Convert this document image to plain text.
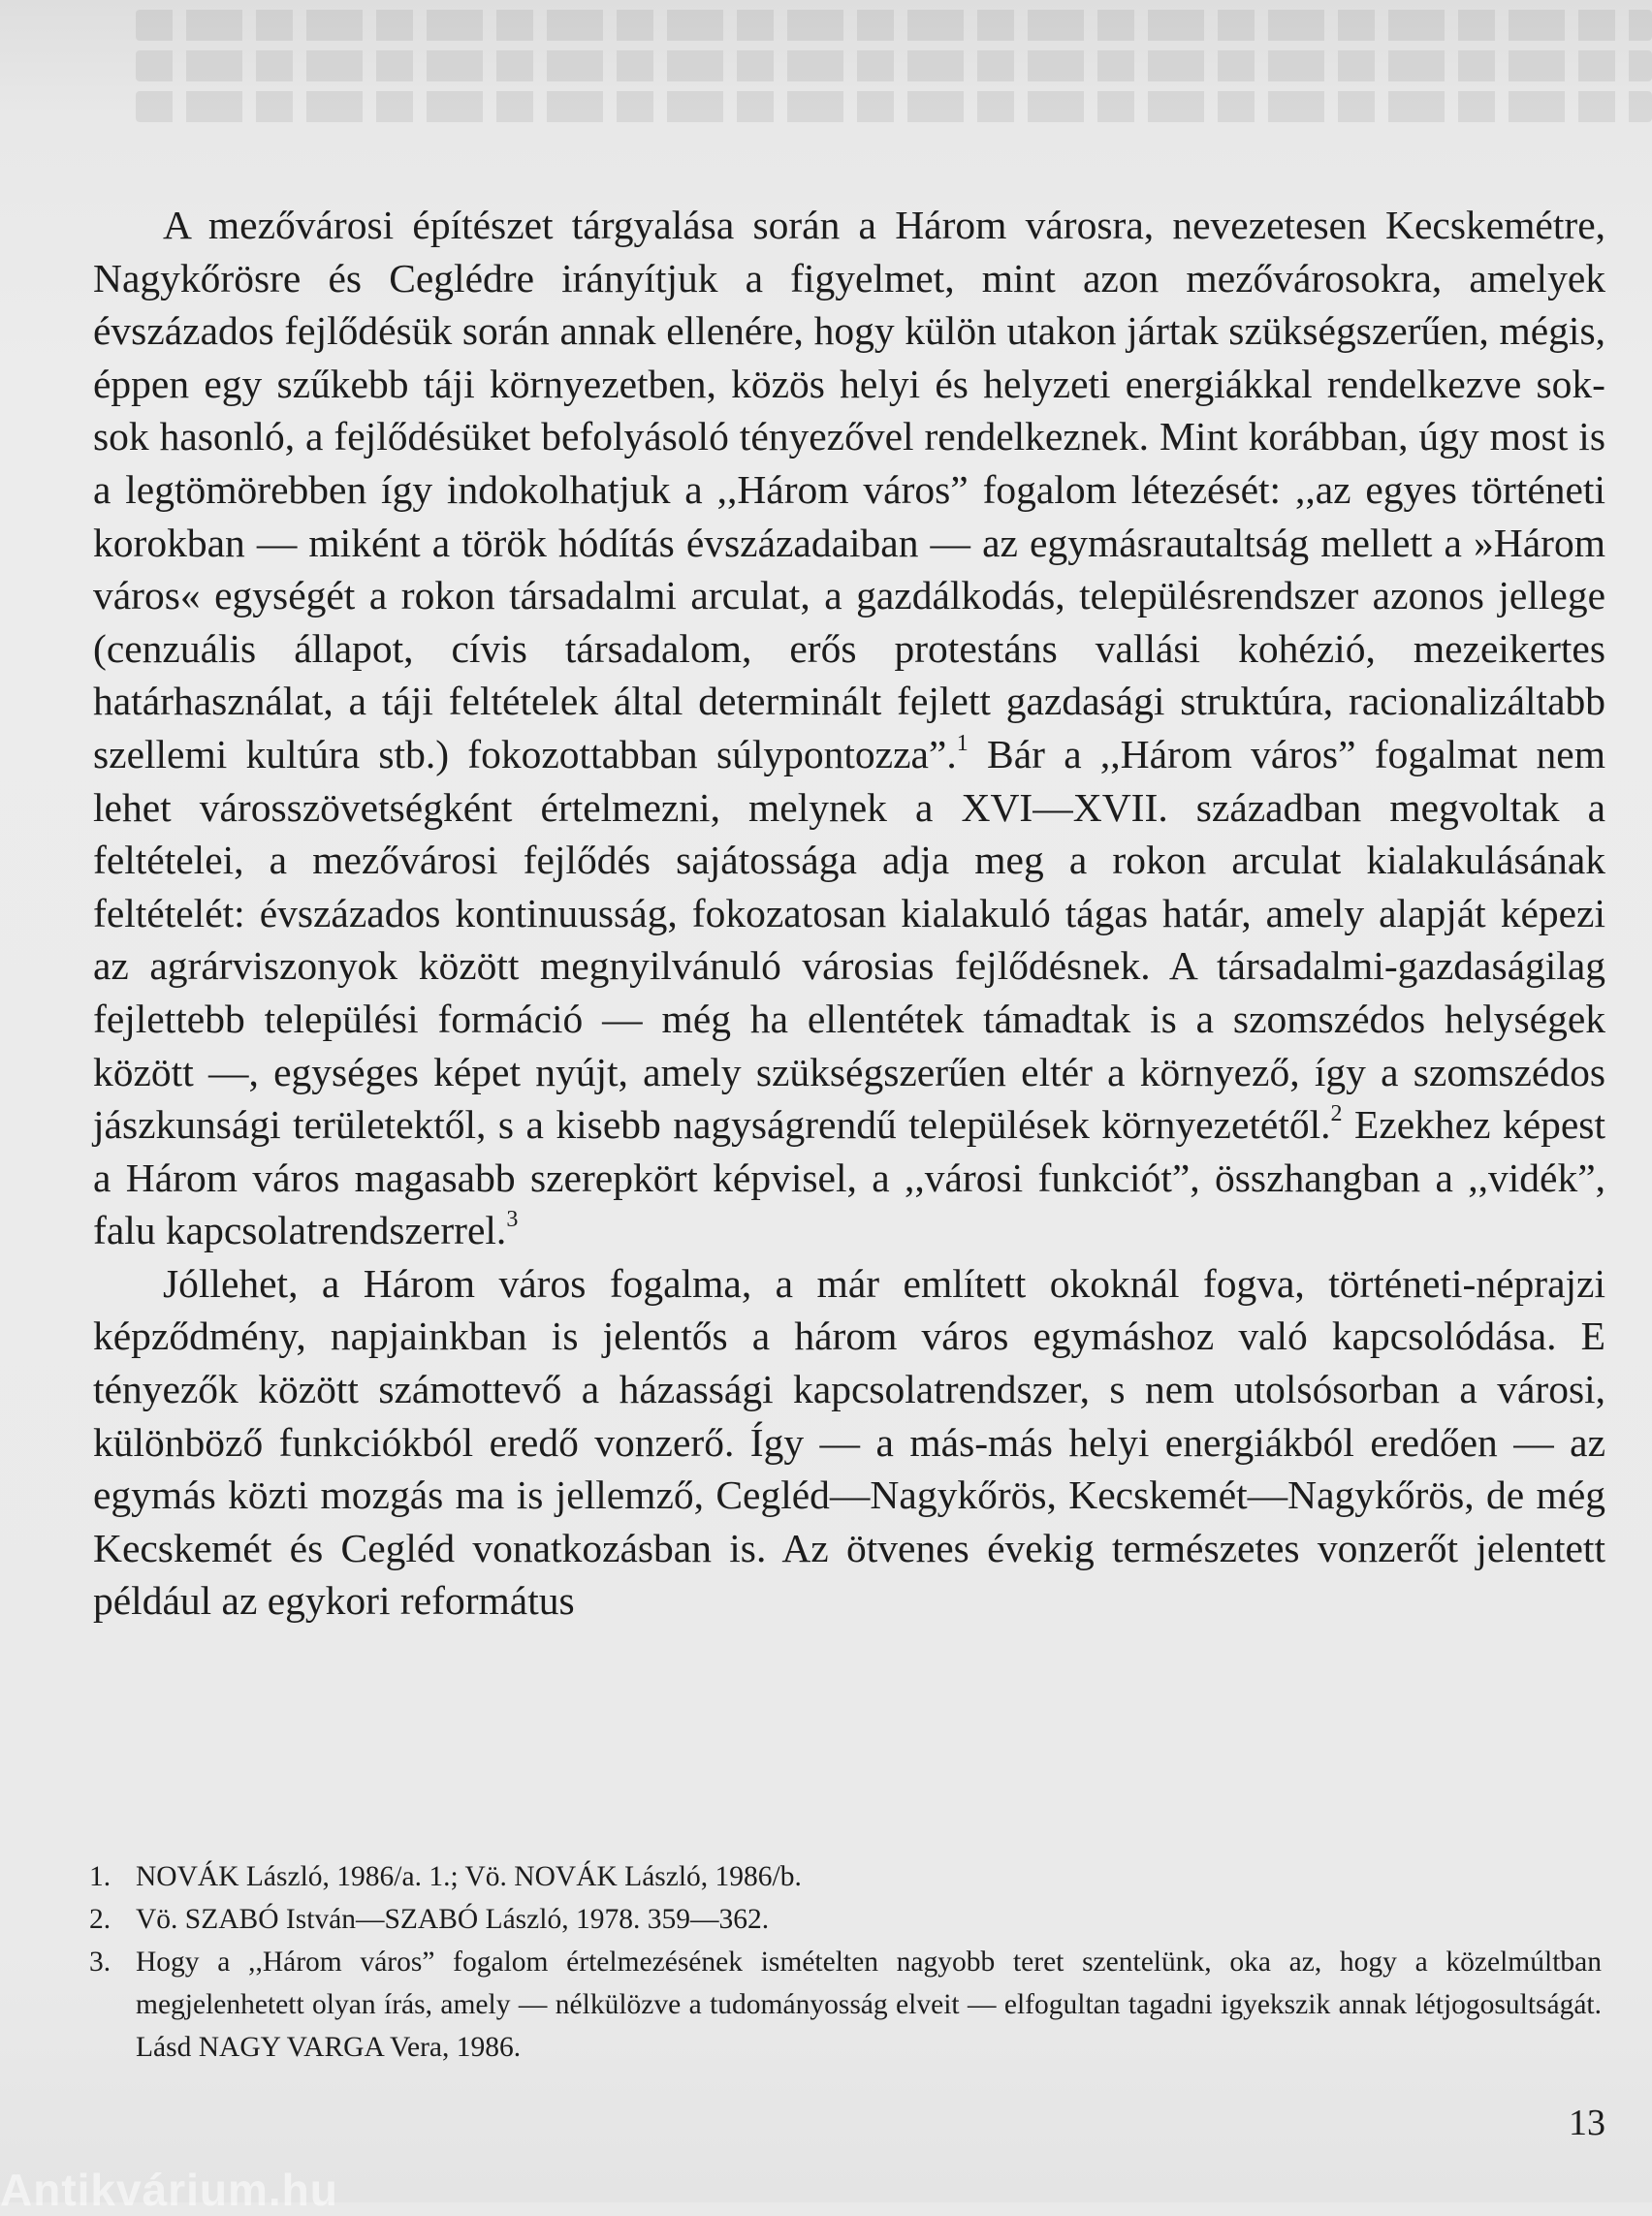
A mezővárosi építészet tárgyalása során a Három városra, nevezetesen Kecskemétre, Nagykőrösre és Ceglédre irányítjuk a figyelmet, mint azon mezővárosokra, amelyek évszázados fejlődésük során annak ellenére, hogy külön utakon jártak szükségszerűen, mégis, éppen egy szűkebb táji környezetben, közös helyi és helyzeti energiákkal rendelkezve sok-sok hasonló, a fejlődésüket befolyásoló tényezővel rendelkeznek. Mint korábban, úgy most is a legtömörebben így indokolhatjuk a ,,Három város” fogalom létezését: ,,az egyes történeti korokban — miként a török hódítás évszázadaiban — az egymásrautaltság mellett a »Három város« egységét a rokon társadalmi arculat, a gazdálkodás, településrendszer azonos jellege (cenzuális állapot, cívis társadalom, erős protestáns vallási kohézió, mezeikertes határhasználat, a táji feltételek által determinált fejlett gazdasági struktúra, racionalizáltabb szellemi kultúra stb.) fokozottabban súlypontozza”.$^1$ Bár a ,,Három város” fogalmat nem lehet városszövetségként értelmezni, melynek a XVI—XVII. században megvoltak a feltételei, a mezővárosi fejlődés sajátossága adja meg a rokon arculat kialakulásának feltételét: évszázados kontinuusság, fokozatosan kialakuló tágas határ, amely alapját képezi az agrárviszonyok között megnyilvánuló városias fejlődésnek. A társadalmi-gazdaságilag fejlettebb települési formáció — még ha ellentétek támadtak is a szomszédos helységek között —, egységes képet nyújt, amely szükségszerűen eltér a környező, így a szomszédos jászkunsági területektől, s a kisebb nagyságrendű települések környezetétől.$^2$ Ezekhez képest a Három város magasabb szerepkört képvisel, a ,,városi funkciót”, összhangban a ,,vidék”, falu kapcsolatrendszerrel.$^3$

Jóllehet, a Három város fogalma, a már említett okoknál fogva, történeti-néprajzi képződmény, napjainkban is jelentős a három város egymáshoz való kapcsolódása. E tényezők között számottevő a házassági kapcsolatrendszer, s nem utolsósorban a városi, különböző funkciókból eredő vonzerő. Így — a más-más helyi energiákból eredően — az egymás közti mozgás ma is jellemző, Cegléd—Nagykőrös, Kecskemét—Nagykőrös, de még Kecskemét és Cegléd vonatkozásban is. Az ötvenes évekig természetes vonzerőt jelentett például az egykori református

1. NOVÁK László, 1986/a. 1.; Vö. NOVÁK László, 1986/b.
2. Vö. SZABÓ István—SZABÓ László, 1978. 359—362.
3. Hogy a ,,Három város” fogalom értelmezésének ismételten nagyobb teret szentelünk, oka az, hogy a közelmúltban megjelenhetett olyan írás, amely — nélkülözve a tudományosság elveit — elfogultan tagadni igyekszik annak létjogosultságát. Lásd NAGY VARGA Vera, 1986.
13
Antikvárium.hu
